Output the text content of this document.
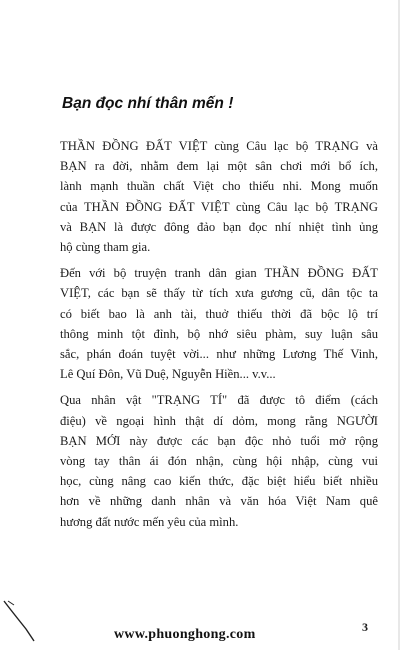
Bạn đọc nhí thân mến !

THẦN ĐỒNG ĐẤT VIỆT cùng Câu lạc bộ TRẠNG và
BẠN ra đời, nhằm đem lại một sân chơi mới bổ ích,
lành mạnh thuần chất Việt cho thiếu nhi. Mong muốn
của THẦN ĐỒNG ĐẤT VIỆT cùng Câu lạc bộ TRẠNG
và BẠN là được đông đảo bạn đọc nhí nhiệt tình ủng
hộ cùng tham gia.

Đến với bộ truyện tranh dân gian THẦN ĐỒNG ĐẤT
VIỆT, các bạn sẽ thấy từ tích xưa gương cũ, dân tộc ta
có biết bao là anh tài, thuở thiếu thời đã bộc lộ trí
thông minh tột đỉnh, bộ nhớ siêu phàm, suy luận sâu
sắc, phán đoán tuyệt vời... như những Lương Thế Vinh,
Lê Quí Đôn, Vũ Duệ, Nguyễn Hiền... v.v...

Qua nhân vật "TRẠNG TÍ" đã được tô điểm (cách
điệu) về ngoại hình thật dí dỏm, mong rằng NGƯỜI
BẠN MỚI này được các bạn độc nhỏ tuổi mở rộng
vòng tay thân ái đón nhận, cùng hội nhập, cùng vui
học, cùng nâng cao kiến thức, đặc biệt hiểu biết nhiều
hơn về những danh nhân và văn hóa Việt Nam quê
hương đất nước mến yêu của mình.

www.phuonghong.com	3
